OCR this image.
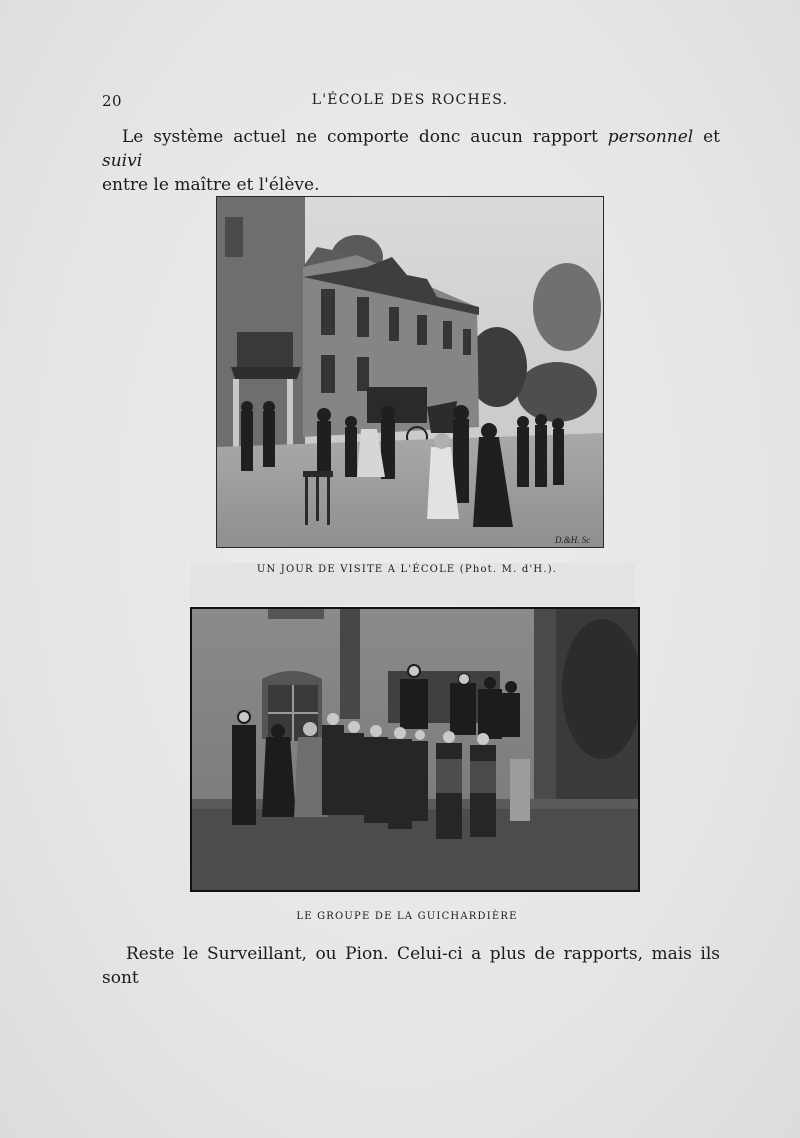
20	L'ÉCOLE DES ROCHES.
Le système actuel ne comporte donc aucun rapport personnel et suivi
entre le maître et l'élève.
D.&H. Sc
UN JOUR DE VISITE A L'ÉCOLE (Phot. M. d'H.).
LE GROUPE DE LA GUICHARDIÈRE
Reste le Surveillant, ou Pion. Celui-ci a plus de rapports, mais ils sont
